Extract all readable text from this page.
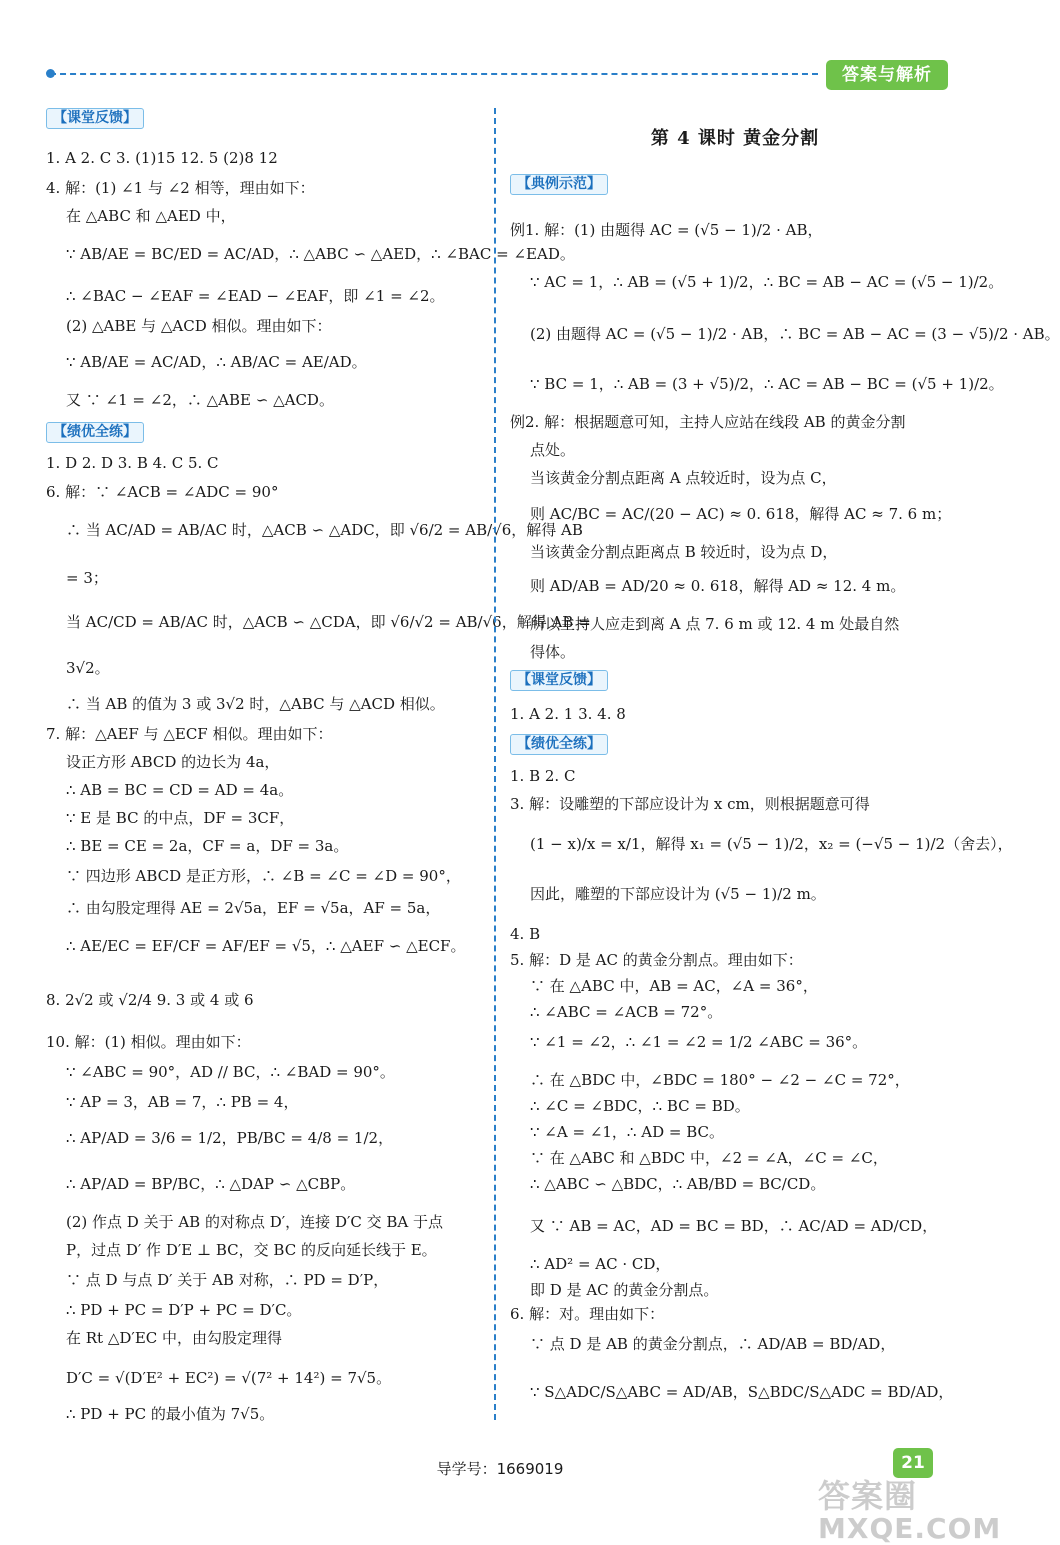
答案与解析
【课堂反馈】
1. A 2. C 3. (1)15 12. 5 (2)8 12
4. 解：(1) ∠1 与 ∠2 相等，理由如下：
在 △ABC 和 △AED 中，
∵ AB/AE = BC/ED = AC/AD，∴ △ABC ∽ △AED，∴ ∠BAC = ∠EAD。
∴ ∠BAC − ∠EAF = ∠EAD − ∠EAF，即 ∠1 = ∠2。
(2) △ABE 与 △ACD 相似。理由如下：
∵ AB/AE = AC/AD，∴ AB/AC = AE/AD。
又 ∵ ∠1 = ∠2，∴ △ABE ∽ △ACD。
【绩优全练】
1. D 2. D 3. B 4. C 5. C
6. 解：∵ ∠ACB = ∠ADC = 90°
∴ 当 AC/AD = AB/AC 时，△ACB ∽ △ADC，即 √6/2 = AB/√6，解得 AB
= 3；
当 AC/CD = AB/AC 时，△ACB ∽ △CDA，即 √6/√2 = AB/√6，解得 AB =
3√2。
∴ 当 AB 的值为 3 或 3√2 时，△ABC 与 △ACD 相似。
7. 解：△AEF 与 △ECF 相似。理由如下：
设正方形 ABCD 的边长为 4a，
∴ AB = BC = CD = AD = 4a。
∵ E 是 BC 的中点，DF = 3CF，
∴ BE = CE = 2a，CF = a，DF = 3a。
∵ 四边形 ABCD 是正方形，∴ ∠B = ∠C = ∠D = 90°，
∴ 由勾股定理得 AE = 2√5a，EF = √5a，AF = 5a，
∴ AE/EC = EF/CF = AF/EF = √5，∴ △AEF ∽ △ECF。
8. 2√2 或 √2/4 9. 3 或 4 或 6
10. 解：(1) 相似。理由如下：
∵ ∠ABC = 90°，AD // BC，∴ ∠BAD = 90°。
∵ AP = 3，AB = 7，∴ PB = 4，
∴ AP/AD = 3/6 = 1/2，PB/BC = 4/8 = 1/2，
∴ AP/AD = BP/BC，∴ △DAP ∽ △CBP。
(2) 作点 D 关于 AB 的对称点 D′，连接 D′C 交 BA 于点
P，过点 D′ 作 D′E ⊥ BC，交 BC 的反向延长线于 E。
∵ 点 D 与点 D′ 关于 AB 对称，∴ PD = D′P，
∴ PD + PC = D′P + PC = D′C。
在 Rt △D′EC 中，由勾股定理得
D′C = √(D′E² + EC²) = √(7² + 14²) = 7√5。
∴ PD + PC 的最小值为 7√5。
第 4 课时 黄金分割
【典例示范】
例1. 解：(1) 由题得 AC = (√5 − 1)/2 · AB，
∵ AC = 1，∴ AB = (√5 + 1)/2，∴ BC = AB − AC = (√5 − 1)/2。
(2) 由题得 AC = (√5 − 1)/2 · AB，∴ BC = AB − AC = (3 − √5)/2 · AB。
∵ BC = 1，∴ AB = (3 + √5)/2，∴ AC = AB − BC = (√5 + 1)/2。
例2. 解：根据题意可知，主持人应站在线段 AB 的黄金分割
点处。
当该黄金分割点距离 A 点较近时，设为点 C，
则 AC/BC = AC/(20 − AC) ≈ 0. 618，解得 AC ≈ 7. 6 m；
当该黄金分割点距离点 B 较近时，设为点 D，
则 AD/AB = AD/20 ≈ 0. 618，解得 AD ≈ 12. 4 m。
所以主持人应走到离 A 点 7. 6 m 或 12. 4 m 处最自然
得体。
【课堂反馈】
1. A 2. 1 3. 4. 8
【绩优全练】
1. B 2. C
3. 解：设雕塑的下部应设计为 x cm，则根据题意可得
(1 − x)/x = x/1，解得 x₁ = (√5 − 1)/2，x₂ = (−√5 − 1)/2（舍去），
因此，雕塑的下部应设计为 (√5 − 1)/2 m。
4. B
5. 解：D 是 AC 的黄金分割点。理由如下：
∵ 在 △ABC 中，AB = AC，∠A = 36°，
∴ ∠ABC = ∠ACB = 72°。
∵ ∠1 = ∠2，∴ ∠1 = ∠2 = 1/2 ∠ABC = 36°。
∴ 在 △BDC 中，∠BDC = 180° − ∠2 − ∠C = 72°，
∴ ∠C = ∠BDC，∴ BC = BD。
∵ ∠A = ∠1，∴ AD = BC。
∵ 在 △ABC 和 △BDC 中，∠2 = ∠A，∠C = ∠C，
∴ △ABC ∽ △BDC，∴ AB/BD = BC/CD。
又 ∵ AB = AC，AD = BC = BD，∴ AC/AD = AD/CD，
∴ AD² = AC · CD，
即 D 是 AC 的黄金分割点。
6. 解：对。理由如下：
∵ 点 D 是 AB 的黄金分割点，∴ AD/AB = BD/AD，
∵ S△ADC/S△ABC = AD/AB，S△BDC/S△ADC = BD/AD，
导学号：1669019	21
答案圈
MXQE.COM
